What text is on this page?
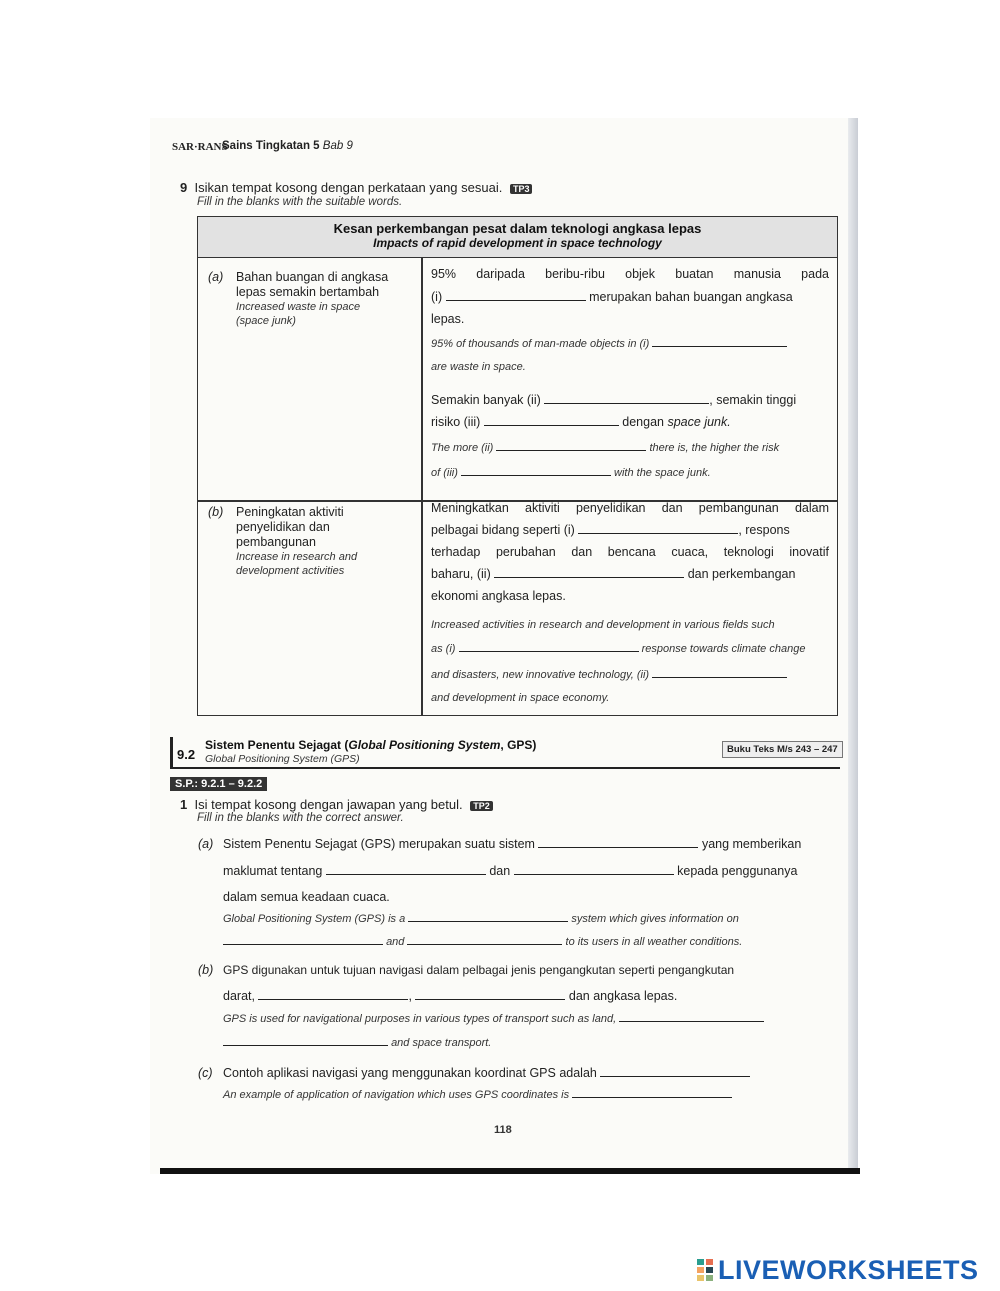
SAR·RANS
Sains Tingkatan 5 Bab 9
9 Isikan tempat kosong dengan perkataan yang sesuai. TP3
Fill in the blanks with the suitable words.
Kesan perkembangan pesat dalam teknologi angkasa lepas
Impacts of rapid development in space technology
(a) Bahan buangan di angkasa
lepas semakin bertambah
Increased waste in space
(space junk)
95% daripada beribu-ribu objek buatan manusia pada
(i)	merupakan bahan buangan angkasa
lepas.
95% of thousands of man-made objects in (i)
are waste in space.
Semakin banyak (ii)	, semakin tinggi
risiko (iii)	dengan space junk.
The more (ii)	there is, the higher the risk
of (iii)	with the space junk.
(b) Peningkatan aktiviti
penyelidikan dan
pembangunan
Increase in research and
development activities
Meningkatkan aktiviti penyelidikan dan pembangunan dalam
pelbagai bidang seperti (i)	, respons
terhadap perubahan dan bencana cuaca, teknologi inovatif
baharu, (ii)	dan perkembangan
ekonomi angkasa lepas.
Increased activities in research and development in various fields such
as (i)	response towards climate change
and disasters, new innovative technology, (ii)
and development in space economy.
9.2
Sistem Penentu Sejagat (Global Positioning System, GPS)
Global Positioning System (GPS)
Buku Teks M/s 243 – 247
S.P.: 9.2.1 – 9.2.2
1 Isi tempat kosong dengan jawapan yang betul. TP2
Fill in the blanks with the correct answer.
(a) Sistem Penentu Sejagat (GPS) merupakan suatu sistem	yang memberikan
maklumat tentang	dan	kepada penggunanya
dalam semua keadaan cuaca.
Global Positioning System (GPS) is a	system which gives information on
and	to its users in all weather conditions.
(b) GPS digunakan untuk tujuan navigasi dalam pelbagai jenis pengangkutan seperti pengangkutan
darat,	,	dan angkasa lepas.
GPS is used for navigational purposes in various types of transport such as land,
and space transport.
(c) Contoh aplikasi navigasi yang menggunakan koordinat GPS adalah
An example of application of navigation which uses GPS coordinates is
118
LIVEWORKSHEETS
